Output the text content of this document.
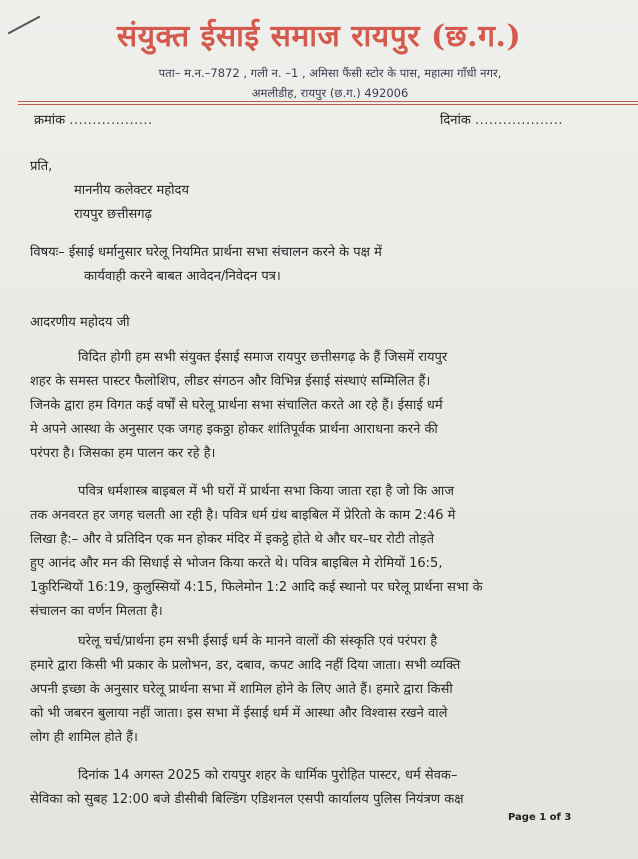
संयुक्त ईसाई समाज रायपुर (छ.ग.)
पता– म.न.–7872 , गली न. –1 , अमिसा फैंसी स्टोर के पास, महात्मा गाँधी नगर,
अमलीडीह, रायपुर (छ.ग.) 492006
क्रमांक ..................	दिनांक ...................
प्रति,
माननीय कलेक्टर महोदय
रायपुर छत्तीसगढ़
विषयः– ईसाई धर्मानुसार घरेलू नियमित प्रार्थना सभा संचालन करने के पक्ष में
कार्यवाही करने बाबत आवेदन/निवेदन पत्र।
आदरणीय महोदय जी
विदित होगी हम सभी संयुक्त ईसाई समाज रायपुर छत्तीसगढ़ के हैं जिसमें रायपुर
शहर के समस्त पास्टर फैलोशिप, लीडर संगठन और विभिन्न ईसाई संस्थाएं सम्मिलित हैं।
जिनके द्वारा हम विगत कई वर्षों से घरेलू प्रार्थना सभा संचालित करते आ रहे हैं। ईसाई धर्म
मे अपने आस्था के अनुसार एक जगह इकठ्ठा होकर शांतिपूर्वक प्रार्थना आराधना करने की
परंपरा है। जिसका हम पालन कर रहे है।
पवित्र धर्मशास्त्र बाइबल में भी घरों में प्रार्थना सभा किया जाता रहा है जो कि आज
तक अनवरत हर जगह चलती आ रही है। पवित्र धर्म ग्रंथ बाइबिल में प्रेरितो के काम 2:46 मे
लिखा है:– और वे प्रतिदिन एक मन होकर मंदिर में इकट्ठे होते थे और घर–घर रोटी तोड़ते
हुए आनंद और मन की सिधाई से भोजन किया करते थे। पवित्र बाइबिल मे रोमियों 16:5,
1कुरिन्थियों 16:19, कुलुस्सियों 4:15, फिलेमोन 1:2 आदि कई स्थानो पर घरेलू प्रार्थना सभा के
संचालन का वर्णन मिलता है।
घरेलू चर्च/प्रार्थना हम सभी ईसाई धर्म के मानने वालों की संस्कृति एवं परंपरा है
हमारे द्वारा किसी भी प्रकार के प्रलोभन, डर, दबाव, कपट आदि नहीं दिया जाता। सभी व्यक्ति
अपनी इच्छा के अनुसार घरेलू प्रार्थना सभा में शामिल होने के लिए आते हैं। हमारे द्वारा किसी
को भी जबरन बुलाया नहीं जाता। इस सभा में ईसाई धर्म में आस्था और विश्वास रखने वाले
लोग ही शामिल होते हैं।
दिनांक 14 अगस्त 2025 को रायपुर शहर के धार्मिक पुरोहित पास्टर, धर्म सेवक–
सेविका को सुबह 12:00 बजे डीसीबी बिल्डिंग एडिशनल एसपी कार्यालय पुलिस नियंत्रण कक्ष
Page 1 of 3
